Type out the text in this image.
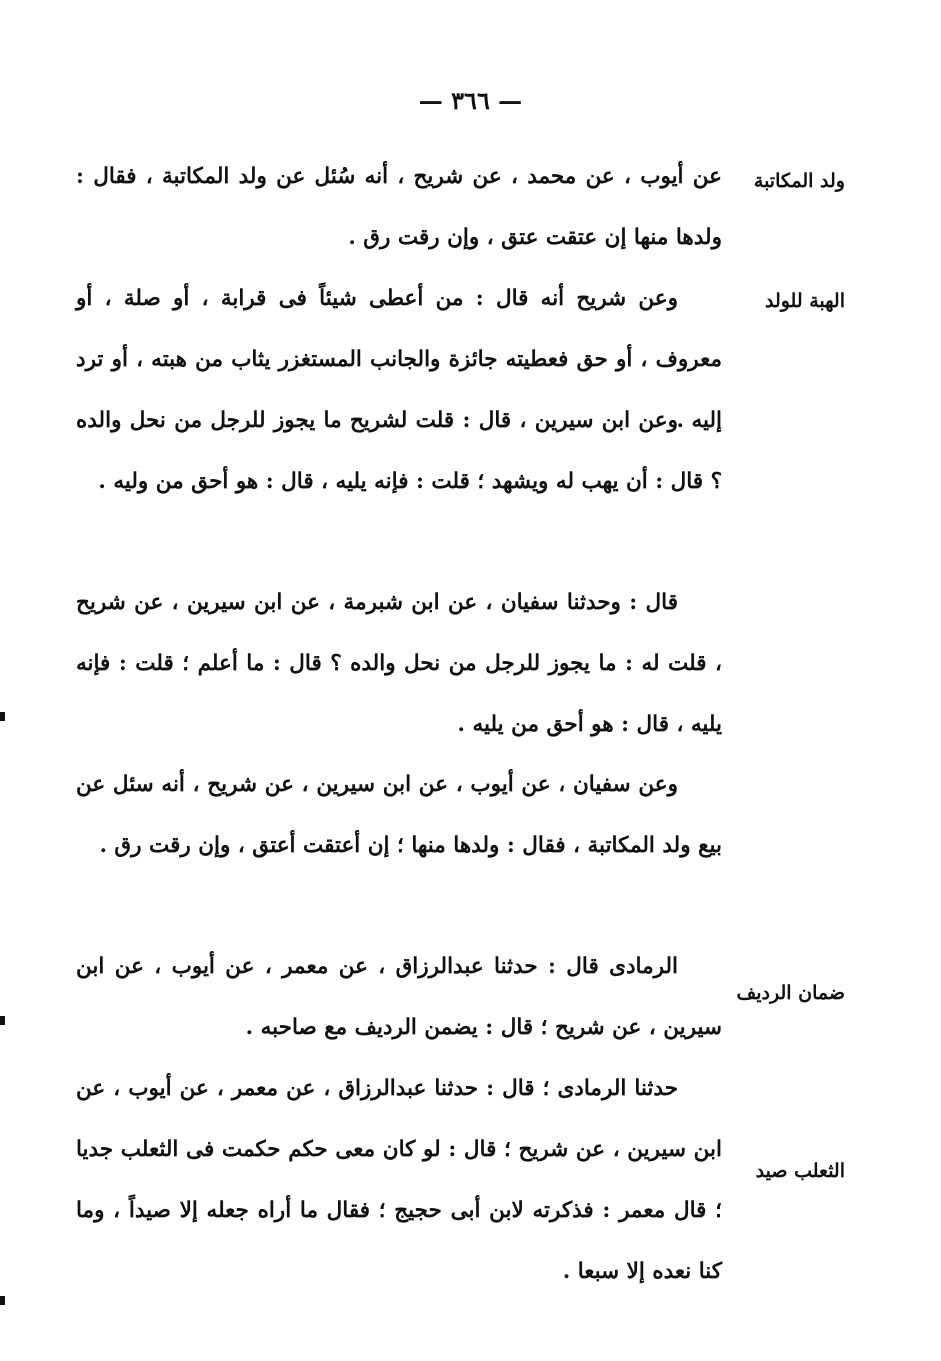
— ٣٦٦ —
ولد المكاتبة
الهبة للولد
ضمان الرديف
الثعلب صيد
عن أيوب ، عن محمد ، عن شريح ، أنه سُئل عن ولد المكاتبة ، فقال : ولدها منها إن عتقت عتق ، وإن رقت رق .
وعن شريح أنه قال : من أعطى شيئاً فى قرابة ، أو صلة ، أو معروف ، أو حق فعطيته جائزة والجانب المستغزر يثاب من هبته ، أو ترد إليه .
وعن ابن سيرين ، قال : قلت لشريح ما يجوز للرجل من نحل والده ؟ قال : أن يهب له ويشهد ؛ قلت : فإنه يليه ، قال : هو أحق من وليه .
قال : وحدثنا سفيان ، عن ابن شبرمة ، عن ابن سيرين ، عن شريح ، قلت له : ما يجوز للرجل من نحل والده ؟ قال : ما أعلم ؛ قلت : فإنه يليه ، قال : هو أحق من يليه .
وعن سفيان ، عن أيوب ، عن ابن سيرين ، عن شريح ، أنه سئل عن بيع ولد المكاتبة ، فقال : ولدها منها ؛ إن أعتقت أعتق ، وإن رقت رق .
الرمادى قال : حدثنا عبدالرزاق ، عن معمر ، عن أيوب ، عن ابن سيرين ، عن شريح ؛ قال : يضمن الرديف مع صاحبه .
حدثنا الرمادى ؛ قال : حدثنا عبدالرزاق ، عن معمر ، عن أيوب ، عن ابن سيرين ، عن شريح ؛ قال : لو كان معى حكم حكمت فى الثعلب جديا ؛ قال معمر : فذكرته لابن أبى حجيج ؛ فقال ما أراه جعله إلا صيداً ، وما كنا نعده إلا سبعا .
